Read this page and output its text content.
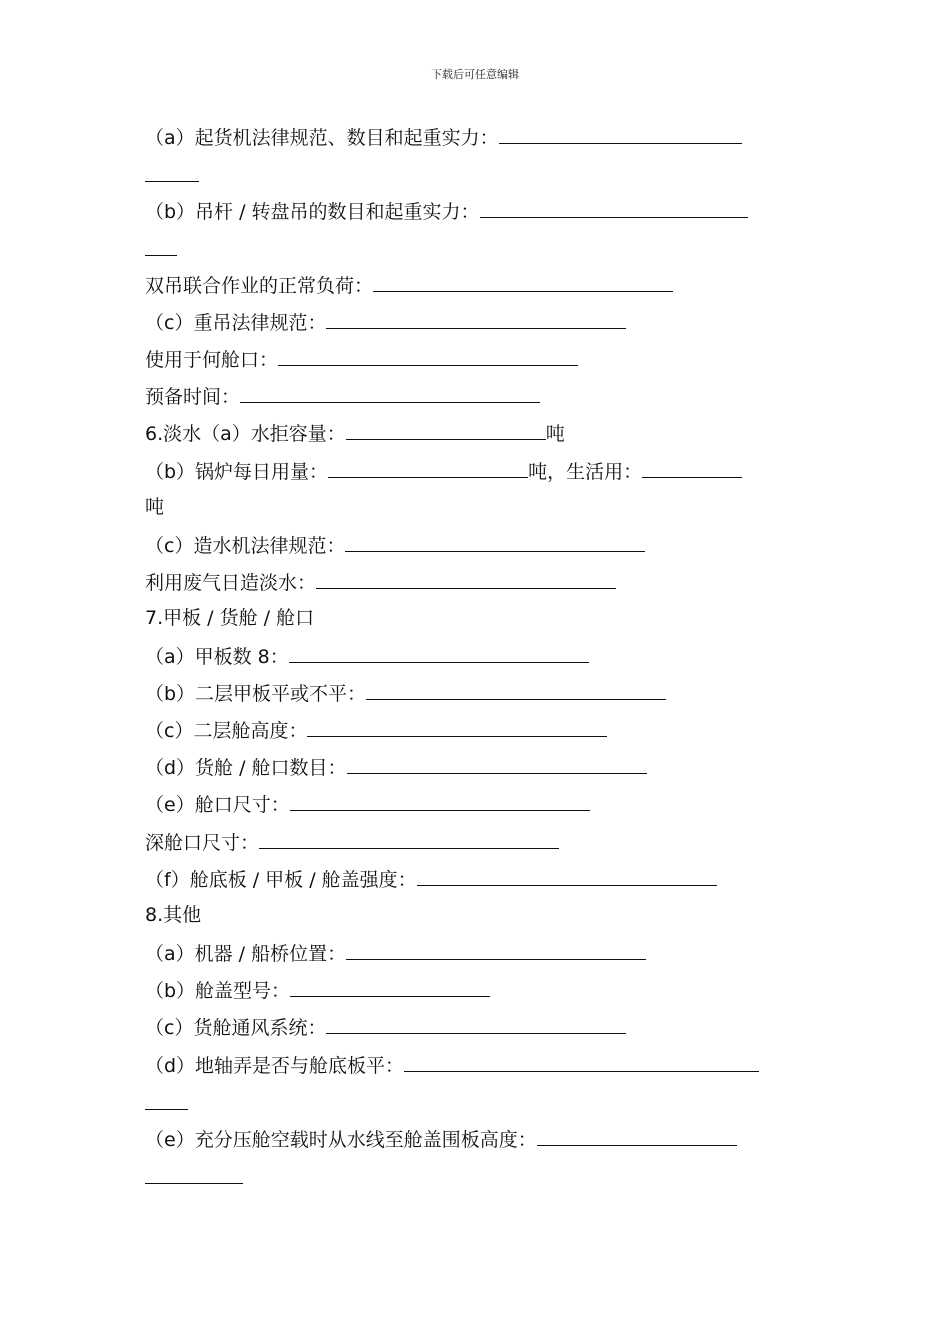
下载后可任意编辑
（a）起货机法律规范、数目和起重实力：
（b）吊杆 / 转盘吊的数目和起重实力：
双吊联合作业的正常负荷：
（c）重吊法律规范：
使用于何舱口：
预备时间：
6.淡水（a）水拒容量：	吨
（b）锅炉每日用量：	吨，生活用：
吨
（c）造水机法律规范：
利用废气日造淡水：
7.甲板 / 货舱 / 舱口
（a）甲板数 8：
（b）二层甲板平或不平：
（c）二层舱高度：
（d）货舱 / 舱口数目：
（e）舱口尺寸：
深舱口尺寸：
（f）舱底板 / 甲板 / 舱盖强度：
8.其他
（a）机器 / 船桥位置：
（b）舱盖型号：
（c）货舱通风系统：
（d）地轴弄是否与舱底板平：
（e）充分压舱空载时从水线至舱盖围板高度：
